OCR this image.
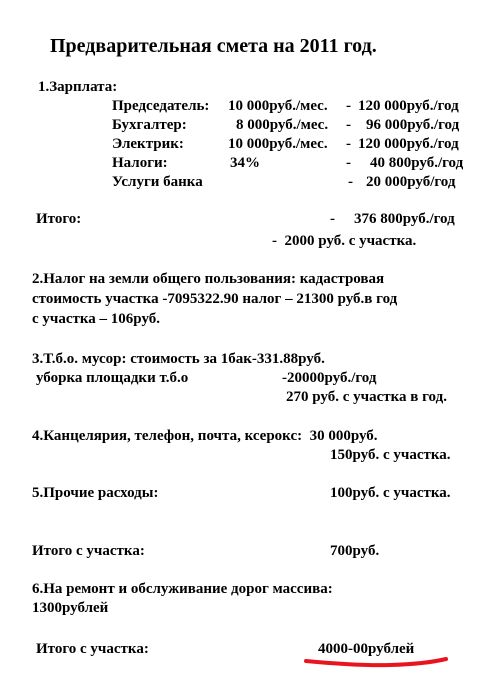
Предварительная смета на 2011 год.
1.Зарплата:
Председатель: 10 000руб./мес. - 120 000руб./год
Бухгалтер:	8 000руб./мес. - 96 000руб./год
Электрик:	10 000руб./мес. - 120 000руб./год
Налоги:	34%	- 40 800руб./год
Услуги банка	- 20 000руб/год
Итого:	- 376 800руб./год
-  2000 руб. с участка.
2.Налог на земли общего пользования: кадастровая
стоимость участка -7095322.90 налог – 21300 руб.в год
с участка – 106руб.
3.Т.б.о. мусор: стоимость за 1бак-331.88руб.
уборка площадки т.б.о	-20000руб./год
270 руб. с участка в год.
4.Канцелярия, телефон, почта, ксерокс:  30 000руб.
150руб. с участка.
5.Прочие расходы:	100руб. с участка.
Итого с участка:	700руб.
6.На ремонт и обслуживание дорог массива:
1300рублей
Итого с участка:	4000-00рублей
